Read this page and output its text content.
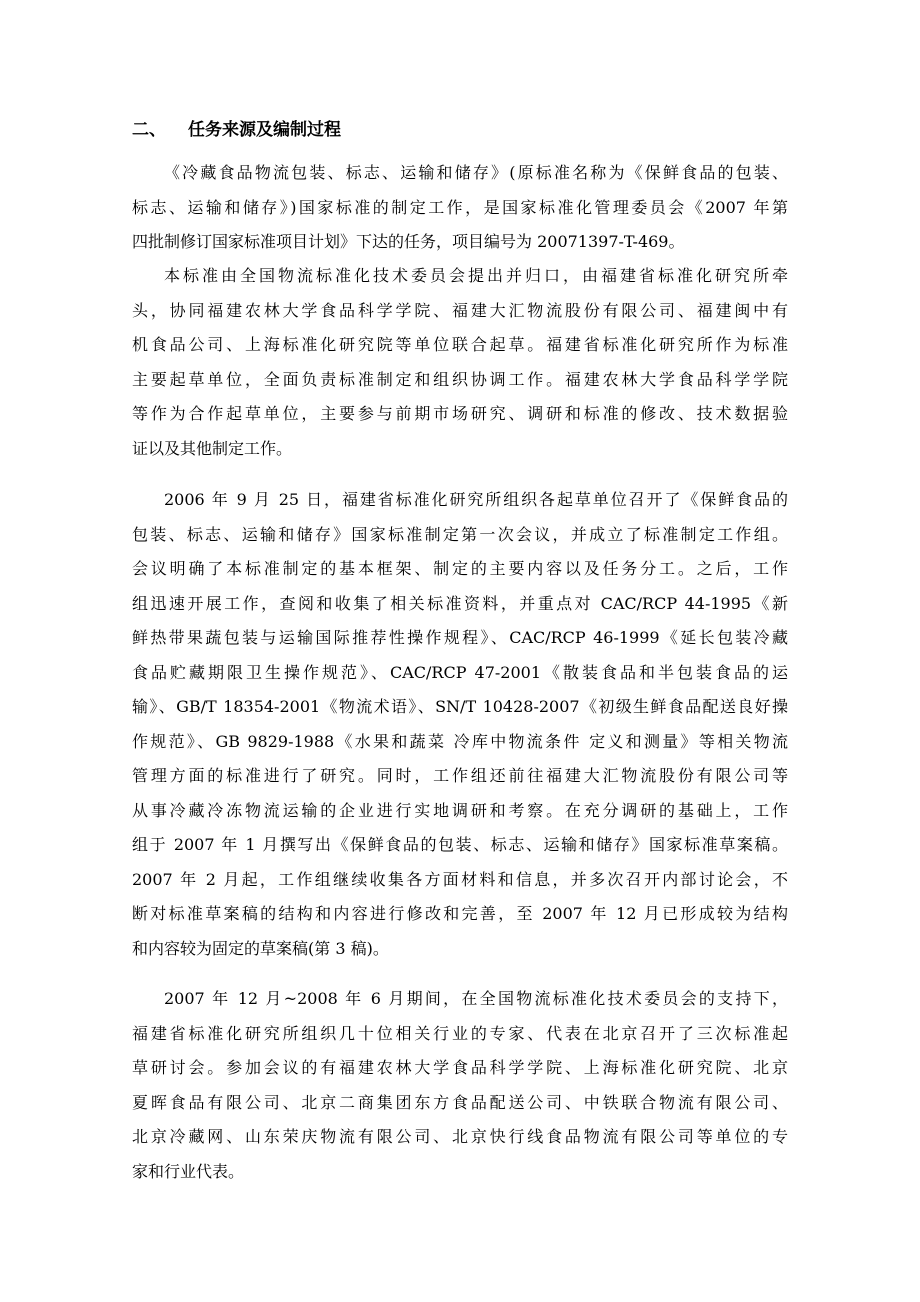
二、 任务来源及编制过程

《冷藏食品物流包装、标志、运输和储存》(原标准名称为《保鲜食品的包装、
标志、运输和储存》)国家标准的制定工作，是国家标准化管理委员会《2007 年第
四批制修订国家标准项目计划》下达的任务，项目编号为 20071397-T-469。

本标准由全国物流标准化技术委员会提出并归口，由福建省标准化研究所牵
头，协同福建农林大学食品科学学院、福建大汇物流股份有限公司、福建闽中有
机食品公司、上海标准化研究院等单位联合起草。福建省标准化研究所作为标准
主要起草单位，全面负责标准制定和组织协调工作。福建农林大学食品科学学院
等作为合作起草单位，主要参与前期市场研究、调研和标准的修改、技术数据验
证以及其他制定工作。

2006 年 9 月 25 日，福建省标准化研究所组织各起草单位召开了《保鲜食品的
包装、标志、运输和储存》国家标准制定第一次会议，并成立了标准制定工作组。
会议明确了本标准制定的基本框架、制定的主要内容以及任务分工。之后，工作
组迅速开展工作，查阅和收集了相关标准资料，并重点对 CAC/RCP 44-1995《新
鲜热带果蔬包装与运输国际推荐性操作规程》、CAC/RCP 46-1999《延长包装冷藏
食品贮藏期限卫生操作规范》、CAC/RCP 47-2001《散装食品和半包装食品的运
输》、GB/T 18354-2001《物流术语》、SN/T 10428-2007《初级生鲜食品配送良好操
作规范》、GB 9829-1988《水果和蔬菜 冷库中物流条件 定义和测量》等相关物流
管理方面的标准进行了研究。同时，工作组还前往福建大汇物流股份有限公司等
从事冷藏冷冻物流运输的企业进行实地调研和考察。在充分调研的基础上，工作
组于 2007 年 1 月撰写出《保鲜食品的包装、标志、运输和储存》国家标准草案稿。
2007 年 2 月起，工作组继续收集各方面材料和信息，并多次召开内部讨论会，不
断对标准草案稿的结构和内容进行修改和完善，至 2007 年 12 月已形成较为结构
和内容较为固定的草案稿(第 3 稿)。

2007 年 12 月~2008 年 6 月期间，在全国物流标准化技术委员会的支持下，
福建省标准化研究所组织几十位相关行业的专家、代表在北京召开了三次标准起
草研讨会。参加会议的有福建农林大学食品科学学院、上海标准化研究院、北京
夏晖食品有限公司、北京二商集团东方食品配送公司、中铁联合物流有限公司、
北京冷藏网、山东荣庆物流有限公司、北京快行线食品物流有限公司等单位的专
家和行业代表。
